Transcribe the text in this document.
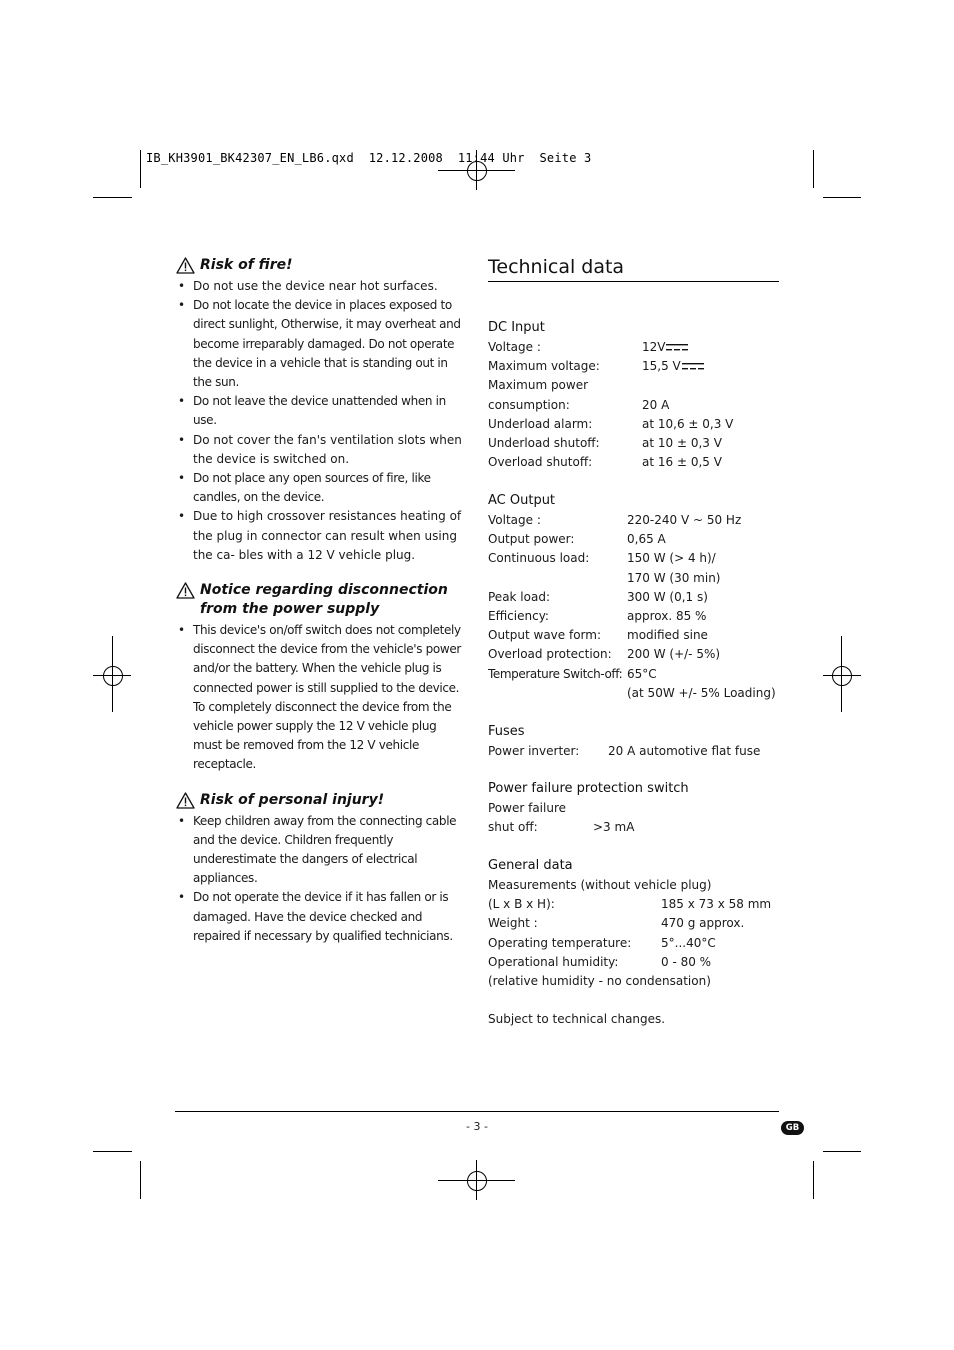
IB_KH3901_BK42307_EN_LB6.qxd  12.12.2008  11:44 Uhr  Seite 3
Risk of fire!
• Do not use the device near hot surfaces.
• Do not locate the device in places exposed to direct sunlight, Otherwise, it may overheat and become irreparably damaged. Do not operate the device in a vehicle that is standing out in the sun.
• Do not leave the device unattended when in use.
• Do not cover the fan's ventilation slots when the device is switched on.
• Do not place any open sources of fire, like candles, on the device.
• Due to high crossover resistances heating of the plug in connector can result when using the ca- bles with a 12 V vehicle plug.
Notice regarding disconnection from the power supply
• This device's on/off switch does not completely disconnect the device from the vehicle's power and/or the battery. When the vehicle plug is connected power is still supplied to the device. To completely disconnect the device from the vehicle power supply the 12 V vehicle plug must be removed from the 12 V vehicle receptacle.
Risk of personal injury!
• Keep children away from the connecting cable and the device. Children frequently underestimate the dangers of electrical appliances.
• Do not operate the device if it has fallen or is damaged. Have the device checked and repaired if necessary by qualified technicians.
Technical data
DC Input
Voltage :	12V
Maximum voltage:	15,5 V
Maximum power
consumption:	20 A
Underload alarm:	at 10,6 ± 0,3 V
Underload shutoff:	at 10 ± 0,3 V
Overload shutoff:	at 16 ± 0,5 V
AC Output
Voltage :	220-240 V ~ 50 Hz
Output power:	0,65 A
Continuous load:	150 W (> 4 h)/
170 W (30 min)
Peak load:	300 W (0,1 s)
Efficiency:	approx. 85 %
Output wave form:	modified sine
Overload protection:	200 W (+/- 5%)
Temperature Switch-off: 65°C
(at 50W +/- 5% Loading)
Fuses
Power inverter:	20 A automotive flat fuse
Power failure protection switch
Power failure
shut off:	>3 mA
General data
Measurements (without vehicle plug)
(L x B x H):	185 x 73 x 58 mm
Weight :	470 g approx.
Operating temperature:	5°...40°C
Operational humidity:	0 - 80 %
(relative humidity - no condensation)
Subject to technical changes.
- 3 -	GB
